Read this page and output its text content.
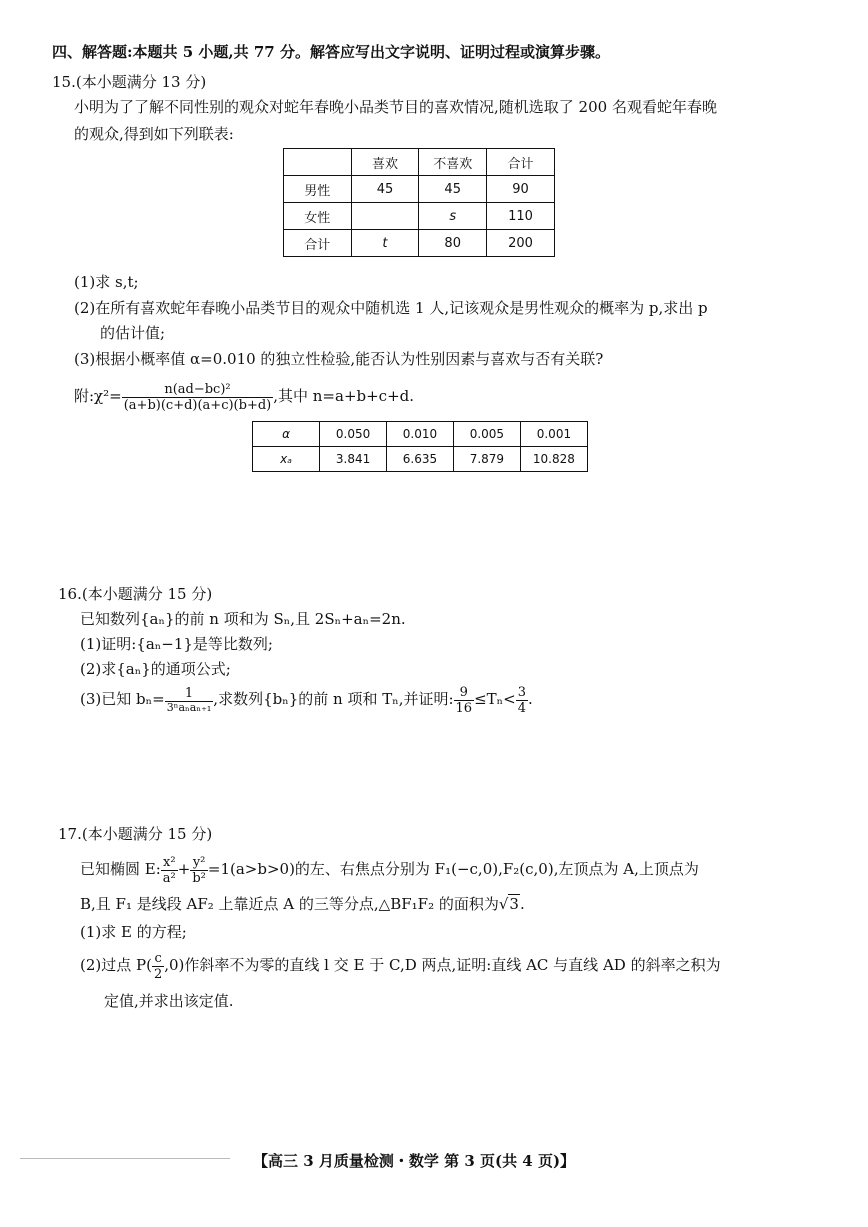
四、解答题:本题共 5 小题,共 77 分。解答应写出文字说明、证明过程或演算步骤。
15.(本小题满分 13 分)
小明为了了解不同性别的观众对蛇年春晚小品类节目的喜欢情况,随机选取了 200 名观看蛇年春晚
的观众,得到如下列联表:
	喜欢	不喜欢	合计
男性	45	45	90
女性		s	110
合计	t	80	200
(1)求 s,t;
(2)在所有喜欢蛇年春晚小品类节目的观众中随机选 1 人,记该观众是男性观众的概率为 p,求出 p
的估计值;
(3)根据小概率值 α=0.010 的独立性检验,能否认为性别因素与喜欢与否有关联?
附:χ²= $\frac{\text{n(ad−bc)²}}{(a+b)(c+d)(a+c)(b+d)}$ ,其中 n=a+b+c+d.
α	0.050	0.010	0.005	0.001
xₐ	3.841	6.635	7.879	10.828
16.(本小题满分 15 分)
已知数列{aₙ}的前 n 项和为 Sₙ,且 2Sₙ+aₙ=2n.
(1)证明:{aₙ−1}是等比数列;
(2)求{aₙ}的通项公式;
(3)已知 $b_n= \frac{1}{\text{3ⁿaₙaₙ₊₁}}$ ,求数列{bₙ}的前 n 项和 Tₙ,并证明: $\frac{9}{16} \le T_n< \frac{3}{4}$ .
17.(本小题满分 15 分)
已知椭圆 E: $\frac{\text{x²}}{\text{a²}} + \frac{\text{y²}}{\text{b²}} =1(a>b>0)$的左、右焦点分别为 F₁(−c,0),F₂(c,0),左顶点为 A,上顶点为
B,且 F₁ 是线段 AF₂ 上靠近点 A 的三等分点,△BF₁F₂ 的面积为√3.
(1)求 E 的方程;
(2)过点 $P( \frac{c}{2} ,0)$作斜率不为零的直线 l 交 E 于 C,D 两点,证明:直线 AC 与直线 AD 的斜率之积为
定值,并求出该定值.
【高三 3 月质量检测・数学 第 3 页(共 4 页)】
